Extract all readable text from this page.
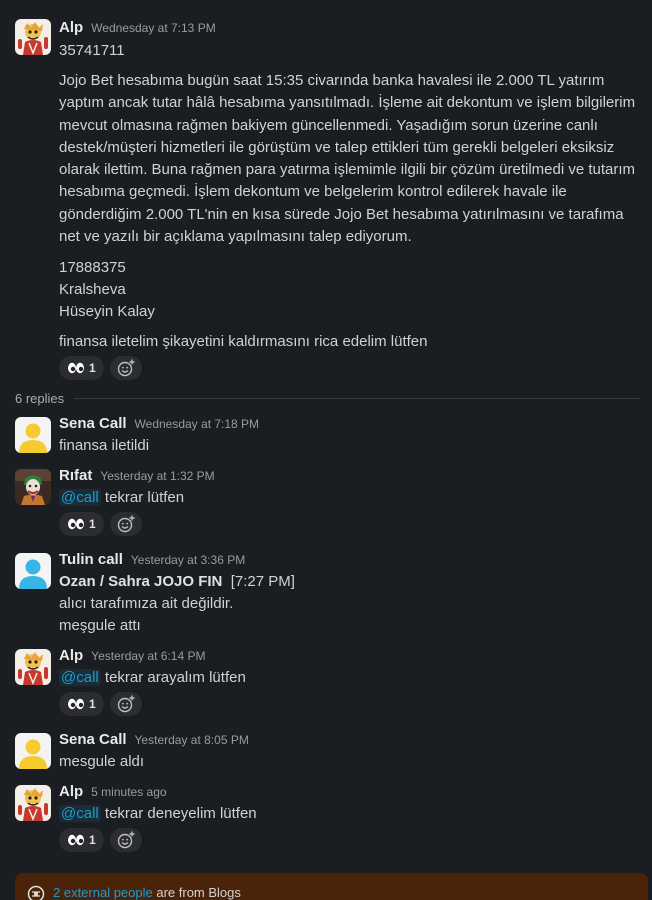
Alp Wednesday at 7:13 PM
35741711
Jojo Bet hesabıma bugün saat 15:35 civarında banka havalesi ile 2.000 TL yatırım yaptım ancak tutar hâlâ hesabıma yansıtılmadı. İşleme ait dekontum ve işlem bilgilerim mevcut olmasına rağmen bakiyem güncellenmedi. Yaşadığım sorun üzerine canlı destek/müşteri hizmetleri ile görüştüm ve talep ettikleri tüm gerekli belgeleri eksiksiz olarak ilettim. Buna rağmen para yatırma işlemimle ilgili bir çözüm üretilmedi ve tutarım hesabıma geçmedi. İşlem dekontum ve belgelerim kontrol edilerek havale ile gönderdiğim 2.000 TL'nin en kısa sürede Jojo Bet hesabıma yatırılmasını ve tarafıma net ve yazılı bir açıklama yapılmasını talep ediyorum.
17888375
Kralsheva
Hüseyin Kalay
finansa iletelim şikayetini kaldırmasını rica edelim lütfen
1
6 replies
Sena Call Wednesday at 7:18 PM
finansa iletildi
Rıfat Yesterday at 1:32 PM
@call tekrar lütfen
1
Tulin call Yesterday at 3:36 PM
Ozan / Sahra JOJO FIN [7:27 PM]
alıcı tarafımıza ait değildir.
meşgule attı
Alp Yesterday at 6:14 PM
@call tekrar arayalım lütfen
1
Sena Call Yesterday at 8:05 PM
mesgule aldı
Alp 5 minutes ago
@call tekrar deneyelim lütfen
1
2 external people are from Blogs
